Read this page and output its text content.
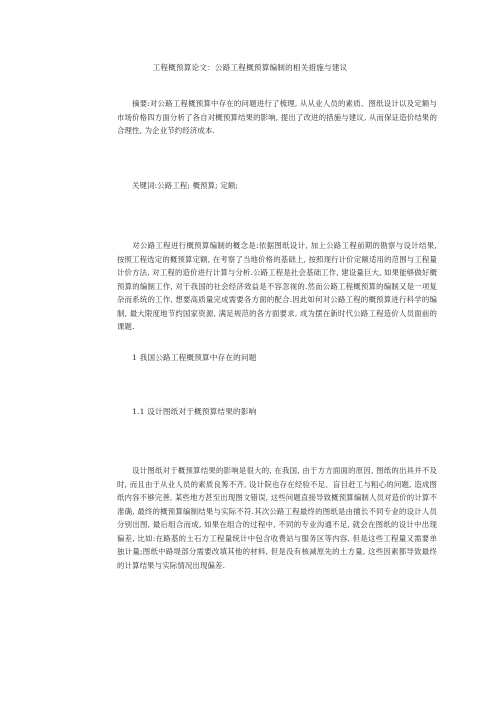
工程概预算论文：公路工程概预算编制的相关措施与建议
摘要:对公路工程概预算中存在的问题进行了梳理, 从从业人员的素质、图纸设计以及定额与市场价格四方面分析了各自对概预算结果的影响, 提出了改进的措施与建议, 从而保证造价结果的合理性, 为企业节约经济成本.
关键词:公路工程; 概预算; 定额;
对公路工程进行概预算编制的概念是:依据图纸设计, 加上公路工程前期的勘察与设计结果, 按照工程选定的概预算定额, 在考察了当地价格的基础上, 按照现行计价定额适用的范围与工程量计价方法, 对工程的造价进行计算与分析.公路工程是社会基础工作, 建设量巨大, 如果能够做好概预算的编制工作, 对于我国的社会经济效益是不容忽视的.然而公路工程概预算的编制又是一项复杂而系统的工作, 想要高质量完成需要各方面的配合.因此如何对公路工程的概预算进行科学的编制, 最大限度地节约国家资源, 满足规范的各方面要求, 成为摆在新时代公路工程造价人员面前的课题.
1 我国公路工程概预算中存在的问题
1.1 设计图纸对于概预算结果的影响
设计图纸对于概预算结果的影响是很大的, 在我国, 由于方方面面的原因, 图纸的出具并不及时, 而且由于从业人员的素质良莠不齐, 设计院也存在经验不足、盲目赶工与粗心的问题, 造成图纸内容不够完善, 某些地方甚至出现图文错误, 这些问题直接导致概预算编制人员对造价的计算不准确, 最终的概预算编制结果与实际不符.其次公路工程最终的图纸是由擅长不同专业的设计人员分别出图, 最后组合而成, 如果在组合的过程中, 不同的专业沟通不足, 就会在图纸的设计中出现偏差, 比如:在路基的土石方工程量统计中包含收费站与服务区等内容, 但是这些工程量又需要单独计量;图纸中路堤部分需要改填其他的材料, 但是没有核减原先的土方量, 这些因素都导致最终的计算结果与实际情况出现偏差.
